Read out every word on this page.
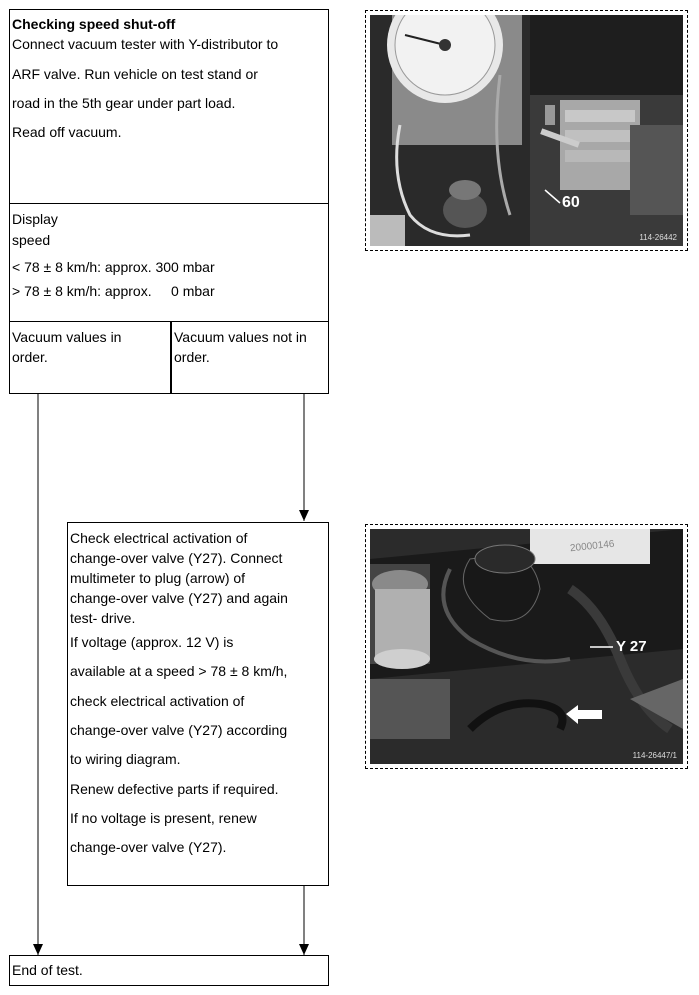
Checking speed shut-off
Connect vacuum tester with Y-distributor to
ARF valve. Run vehicle on test stand or
road in the 5th gear under part load.
Read off vacuum.
Display
speed
< 78 ± 8 km/h: approx. 300 mbar
> 78 ± 8 km/h: approx.     0 mbar
Vacuum values in
order.
Vacuum values not in
order.
Check electrical activation of
change-over valve (Y27). Connect
multimeter to plug (arrow) of
change-over valve (Y27) and again
test- drive.
If voltage (approx. 12 V) is
available at a speed > 78 ± 8 km/h,
check electrical activation of
change-over valve (Y27) according
to wiring diagram.
Renew defective parts if required.
If no voltage is present, renew
change-over valve (Y27).
End of test.
60
114-26442
Y 27
20000146
114-26447/1
